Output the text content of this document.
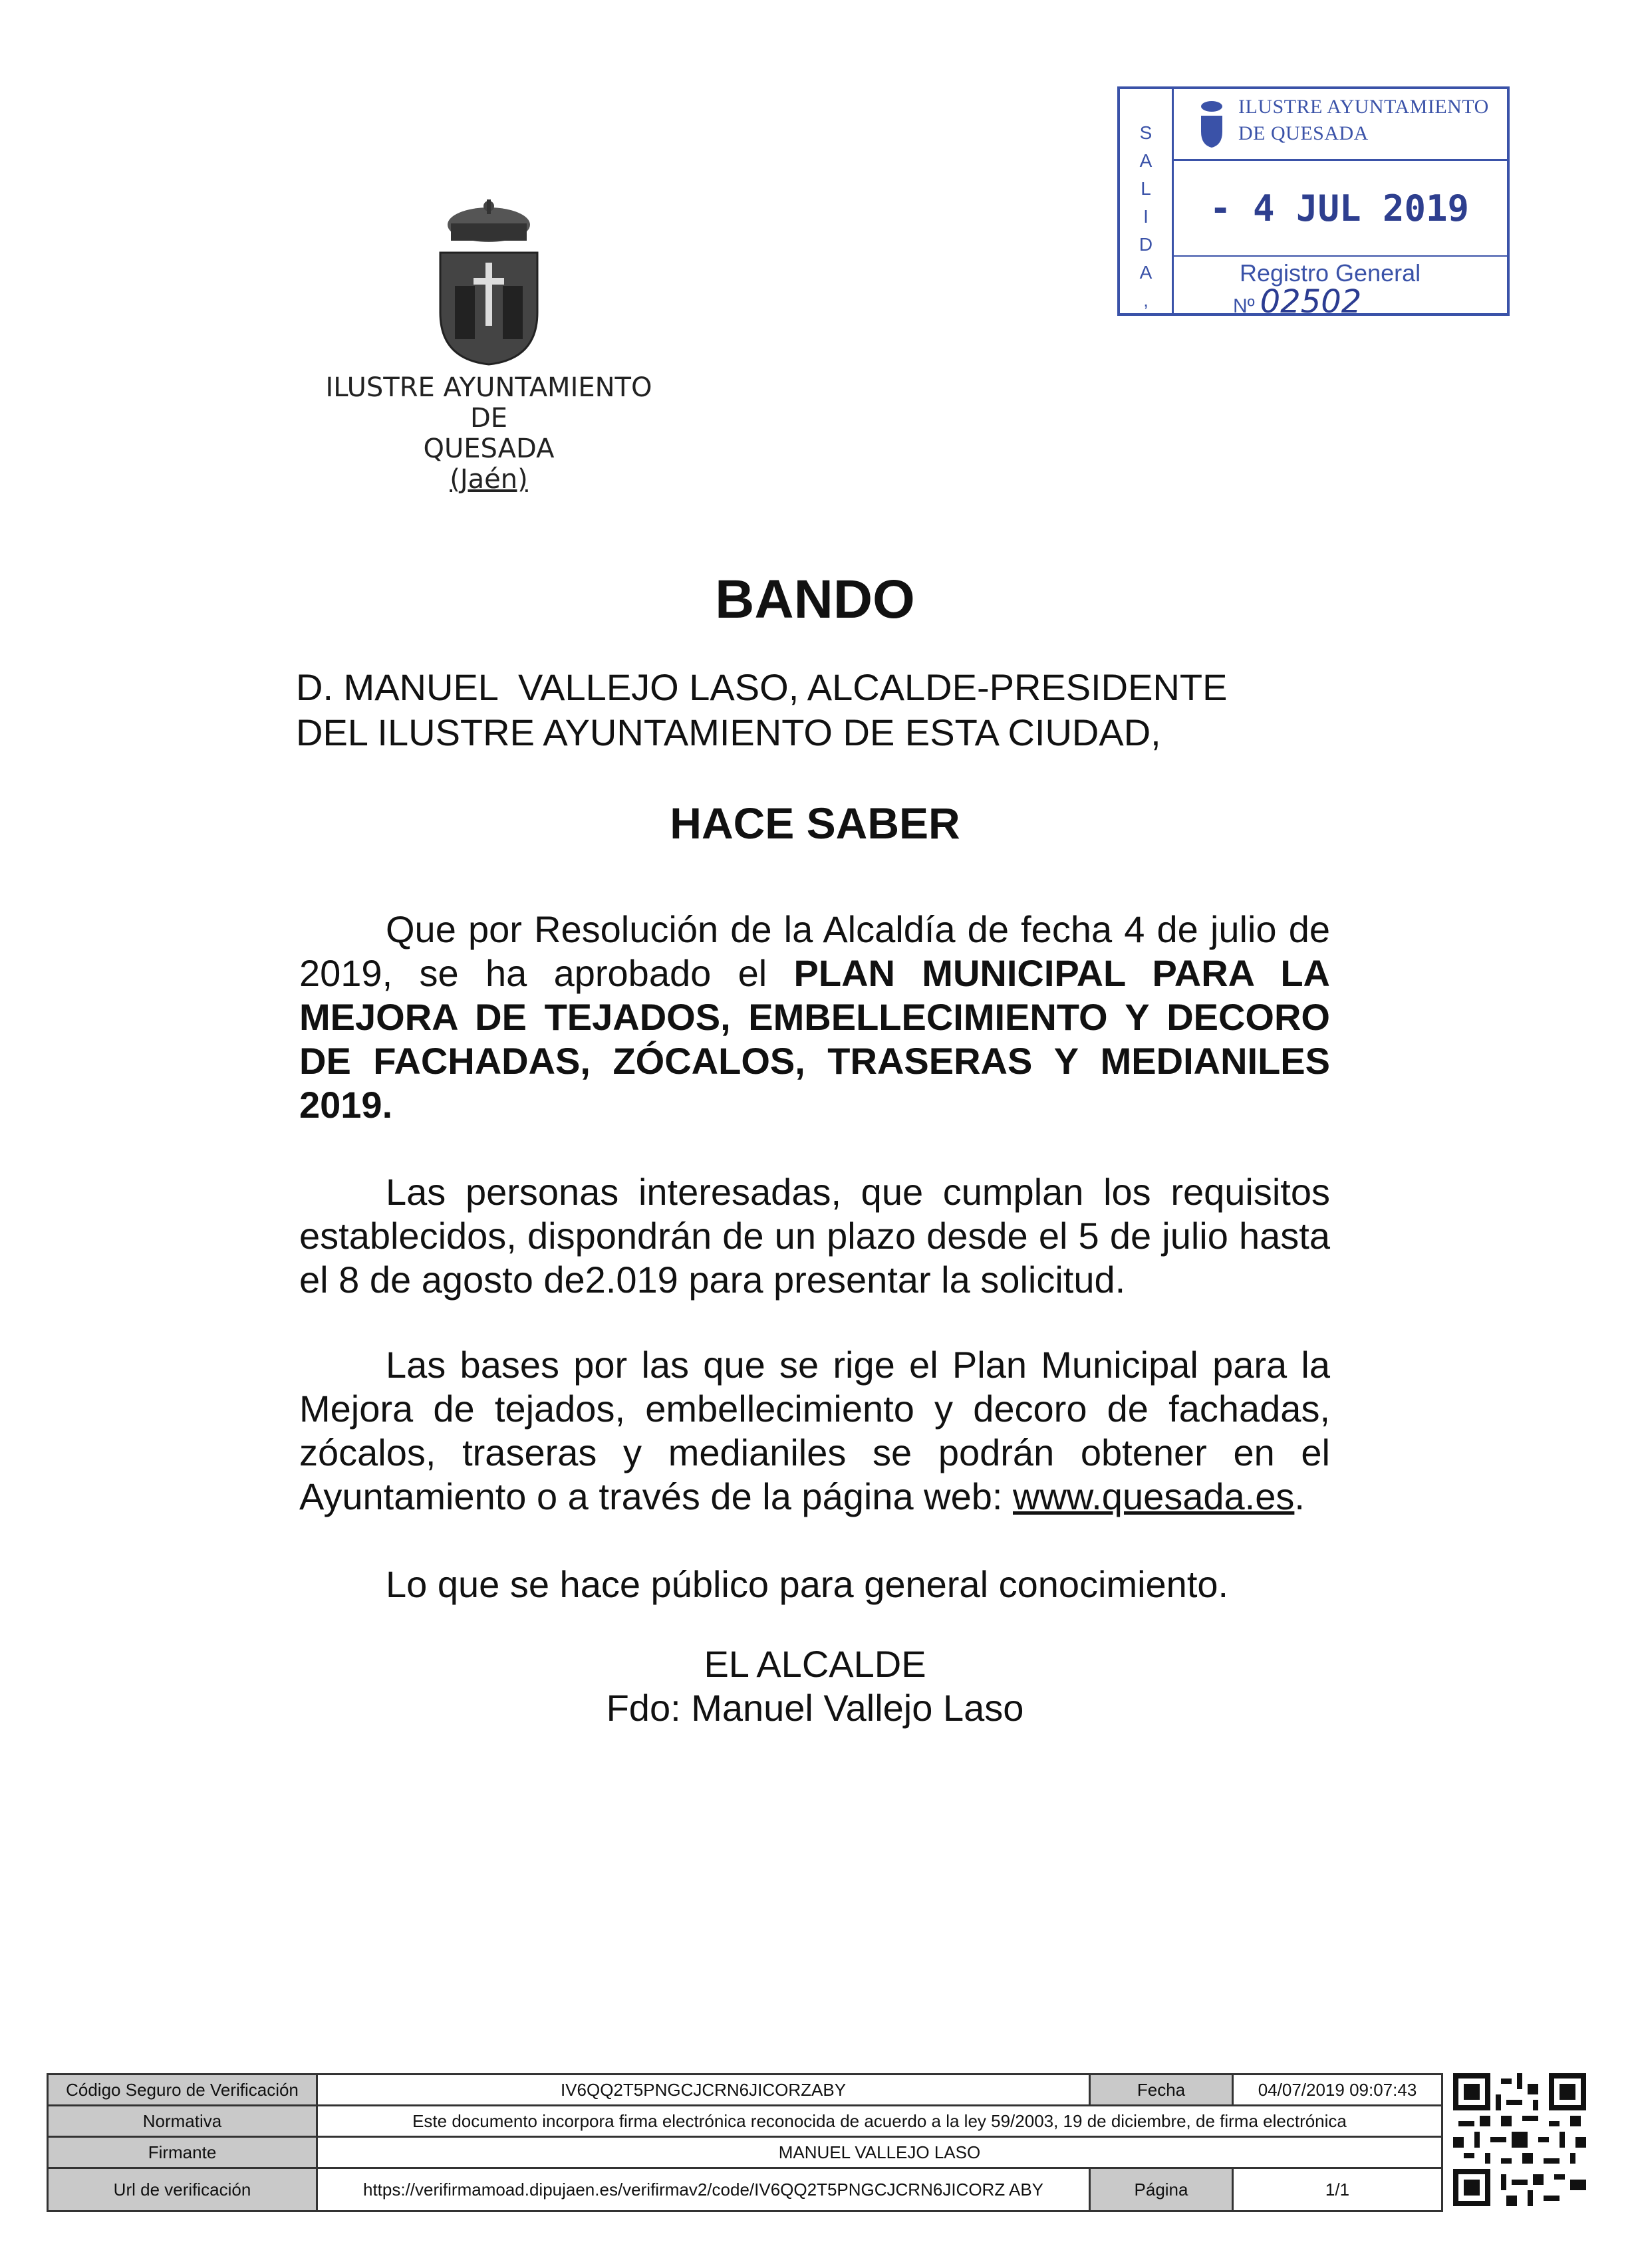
ILUSTRE AYUNTAMIENTO
DE
QUESADA
(Jaén)
S
A
L
I
D
A
,
ILUSTRE AYUNTAMIENTO
DE QUESADA
- 4 JUL 2019
Registro General
Nº 02502
BANDO
D. MANUEL  VALLEJO LASO, ALCALDE-PRESIDENTE
DEL ILUSTRE AYUNTAMIENTO DE ESTA CIUDAD,
HACE SABER
Que por Resolución de la Alcaldía de fecha 4 de julio de 2019, se ha aprobado el PLAN MUNICIPAL PARA LA MEJORA DE TEJADOS, EMBELLECIMIENTO Y DECORO DE FACHADAS, ZÓCALOS, TRASERAS Y MEDIANILES 2019.
Las personas interesadas, que cumplan los requisitos establecidos, dispondrán de un plazo desde el 5 de julio hasta el 8 de agosto de2.019 para presentar la solicitud.
Las bases por las que se rige el Plan Municipal para la Mejora de tejados, embellecimiento y decoro de fachadas, zócalos, traseras y medianiles se podrán obtener en el Ayuntamiento o a través de la página web: www.quesada.es.
Lo que se hace público para general conocimiento.
EL ALCALDE
Fdo: Manuel Vallejo Laso
Código Seguro de Verificación	IV6QQ2T5PNGCJCRN6JICORZABY	Fecha	04/07/2019 09:07:43
Normativa	Este documento incorpora firma electrónica reconocida de acuerdo a la ley 59/2003, 19 de diciembre, de firma electrónica		
Firmante	MANUEL VALLEJO LASO		
Url de verificación	https://verifirmamoad.dipujaen.es/verifirmav2/code/IV6QQ2T5PNGCJCRN6JICORZ ABY	Página	1/1
